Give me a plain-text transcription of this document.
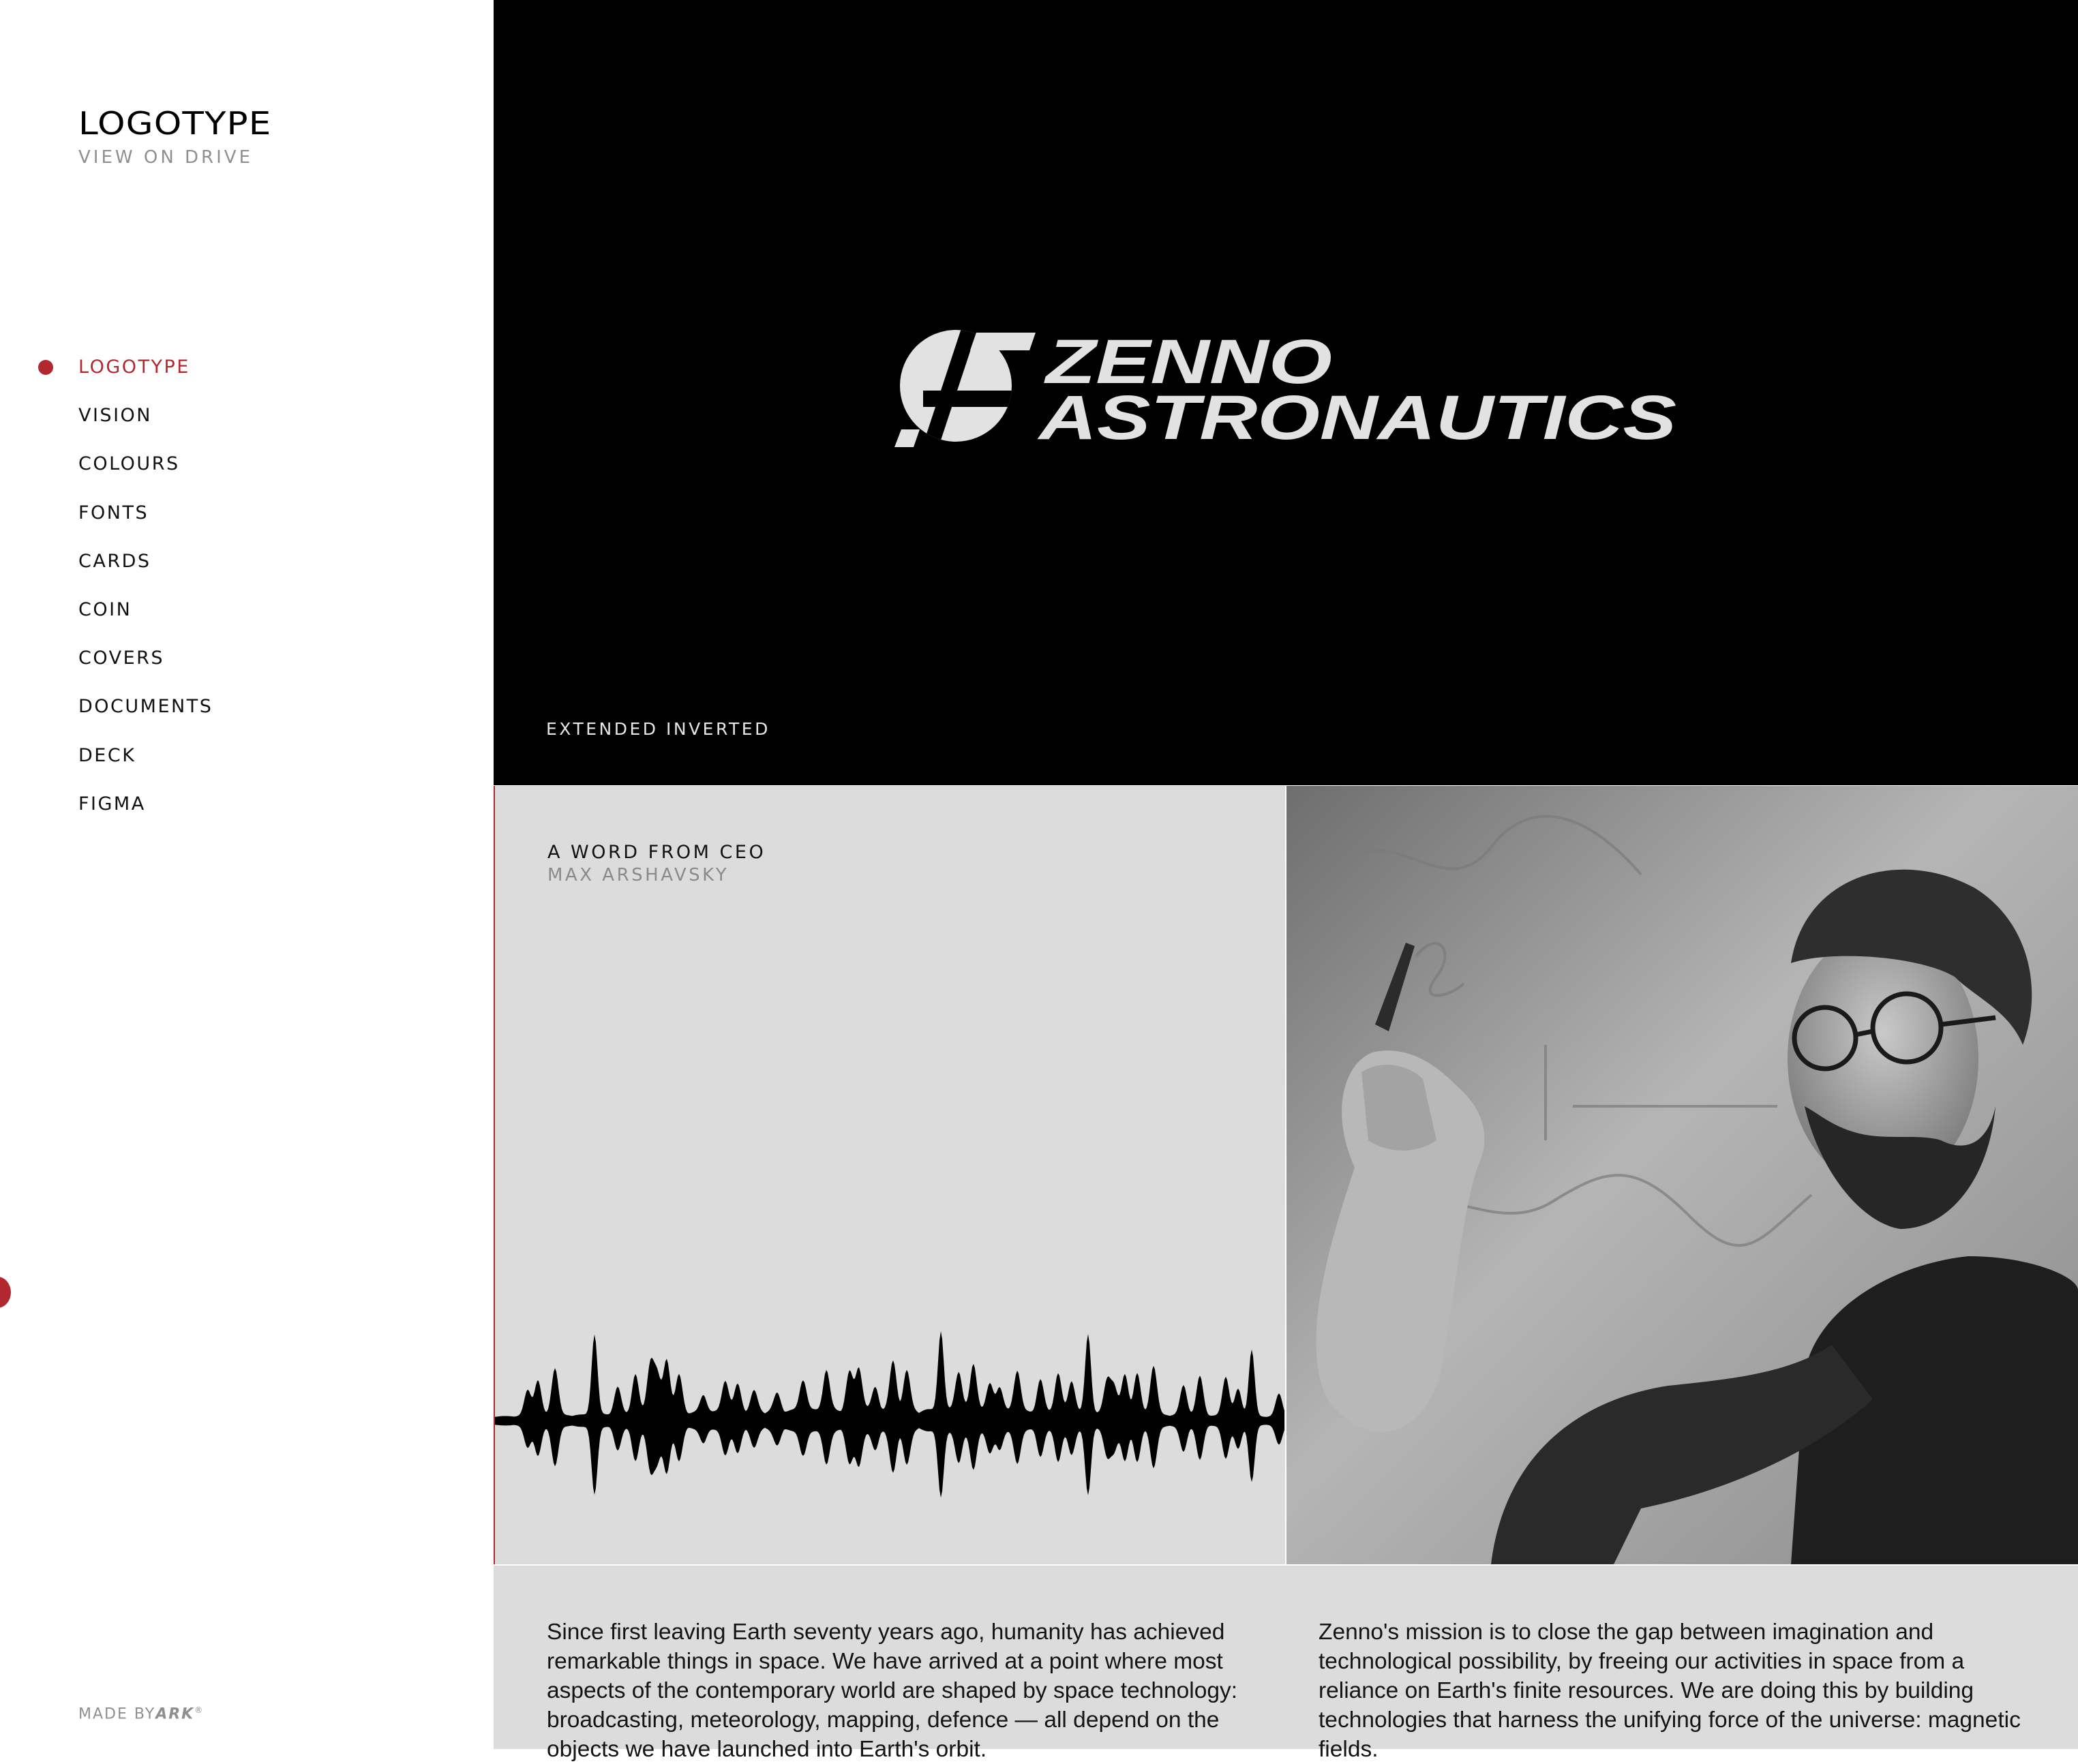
LOGOTYPE
VIEW ON DRIVE
LOGOTYPE
VISION
COLOURS
FONTS
CARDS
COIN
COVERS
DOCUMENTS
DECK
FIGMA
MADE BYARK®
ZENNO
ASTRONAUTICS
EXTENDED INVERTED
A WORD FROM CEO
MAX ARSHAVSKY

Since first leaving Earth seventy years ago, humanity has achieved remarkable things in space. We have arrived at a point where most aspects of the contemporary world are shaped by space technology: broadcasting, meteorology, mapping, defence — all depend on the objects we have launched into Earth's orbit.

Zenno's mission is to close the gap between imagination and technological possibility, by freeing our activities in space from a reliance on Earth's finite resources. We are doing this by building technologies that harness the unifying force of the universe: magnetic fields.
